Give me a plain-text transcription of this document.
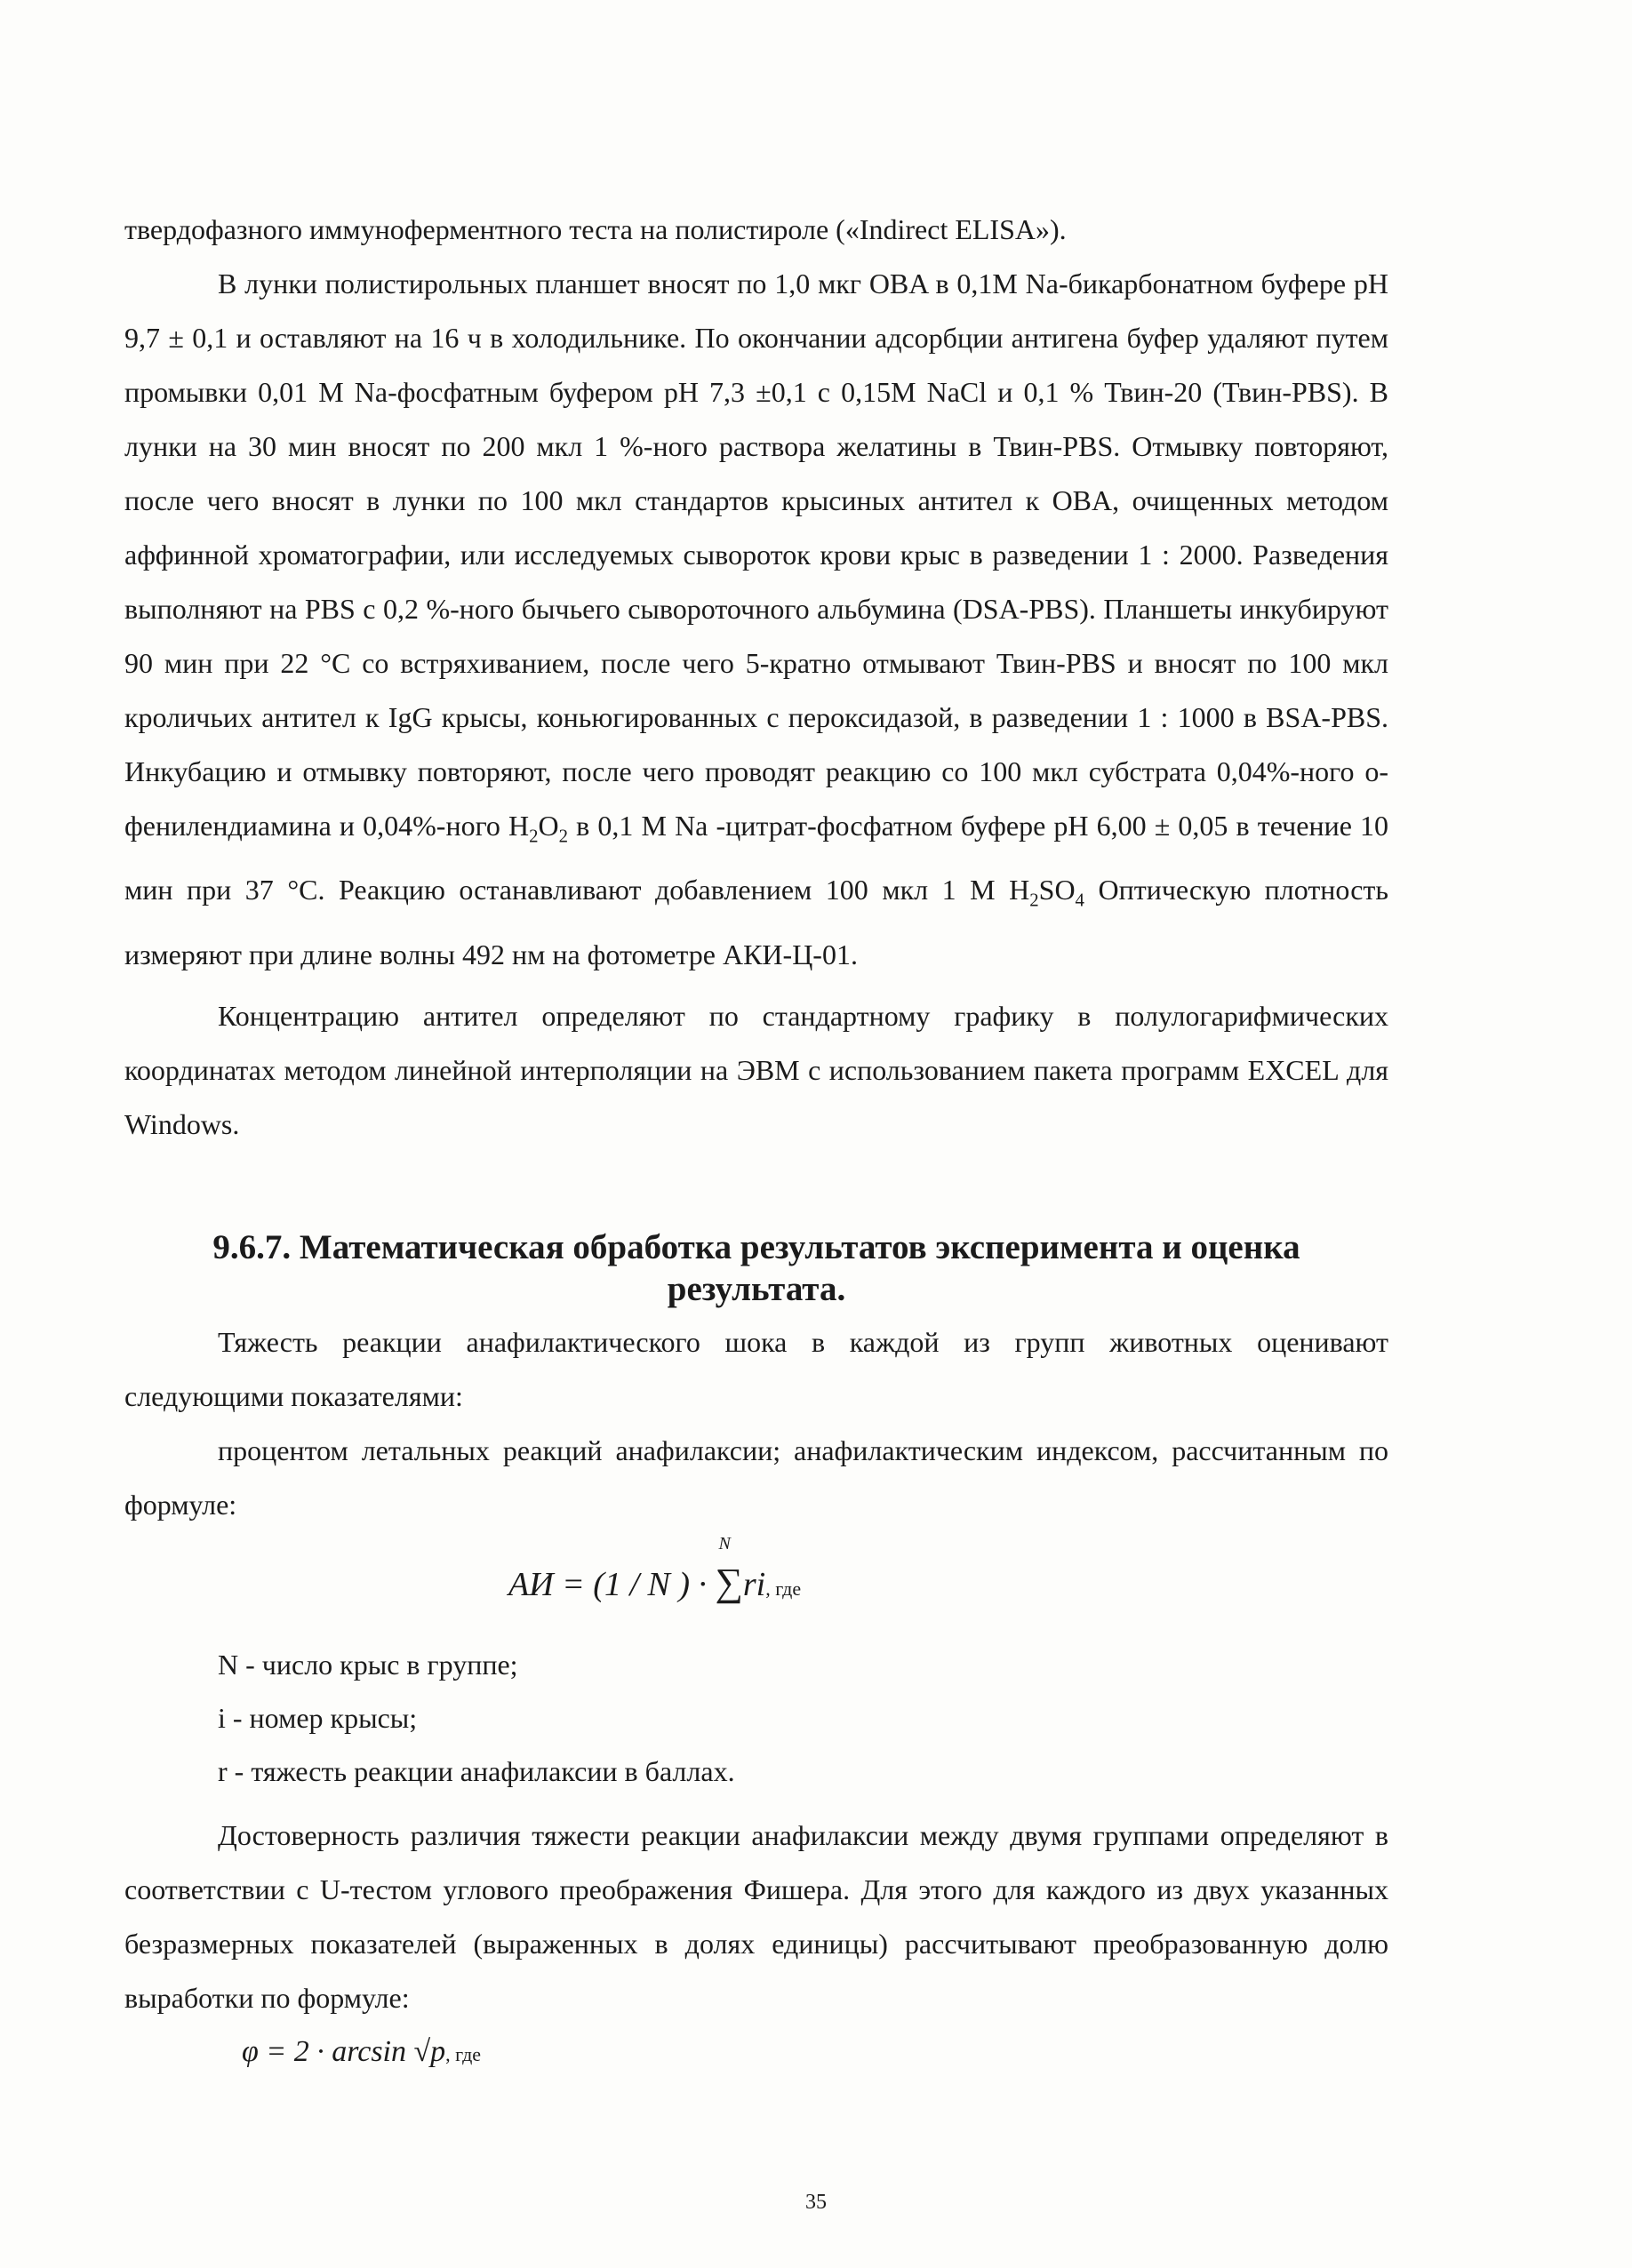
твердофазного иммуноферментного теста на полистироле («Indirect ELISA»).

В лунки полистирольных планшет вносят по 1,0 мкг OBA в 0,1M Na-бикарбонатном буфере pH 9,7 ± 0,1 и оставляют на 16 ч в холодильнике. По окончании адсорбции антигена буфер удаляют путем промывки 0,01 M Na-фосфатным буфером pH 7,3 ±0,1 с 0,15M NaCl и 0,1 % Твин-20 (Твин-PBS). В лунки на 30 мин вносят по 200 мкл 1 %-ного раствора желатины в Твин-PBS. Отмывку повторяют, после чего вносят в лунки по 100 мкл стандартов крысиных антител к OBA, очищенных методом аффинной хроматографии, или исследуемых сывороток крови крыс в разведении 1 : 2000. Разведения выполняют на PBS с 0,2 %-ного бычьего сывороточного альбумина (DSA-PBS). Планшеты инкубируют 90 мин при 22 °C со встряхиванием, после чего 5-кратно отмывают Твин-PBS и вносят по 100 мкл кроличьих антител к IgG крысы, коньюгированных с пероксидазой, в разведении 1 : 1000 в BSA-PBS. Инкубацию и отмывку повторяют, после чего проводят реакцию со 100 мкл субстрата 0,04%-ного о-фенилендиамина и 0,04%-ного $H_2O_2$ в 0,1 M Na -цитрат-фосфатном буфере pH 6,00 ± 0,05 в течение 10 мин при 37 °C. Реакцию останавливают добавлением 100 мкл 1 M $H_2SO_4$ Оптическую плотность измеряют при длине волны 492 нм на фотометре АКИ-Ц-01.

Концентрацию антител определяют по стандартному графику в полулогарифмических координатах методом линейной интерполяции на ЭВМ с использованием пакета программ EXCEL для Windows.

9.6.7. Математическая обработка результатов эксперимента и оценка
результата.

Тяжесть реакции анафилактического шока в каждой из групп животных оценивают следующими показателями:

процентом летальных реакций анафилаксии; анафилактическим индексом, рассчитанным по формуле:

АИ = (1 / N ) · ∑
N
ri, где
N - число крыс в группе;
i - номер крысы;
r - тяжесть реакции анафилаксии в баллах.

Достоверность различия тяжести реакции анафилаксии между двумя группами определяют в соответствии с U-тестом углового преображения Фишера. Для этого для каждого из двух указанных безразмерных показателей (выраженных в долях единицы) рассчитывают преобразованную долю выработки по формуле:

φ = 2 · arcsin √p, где
35
